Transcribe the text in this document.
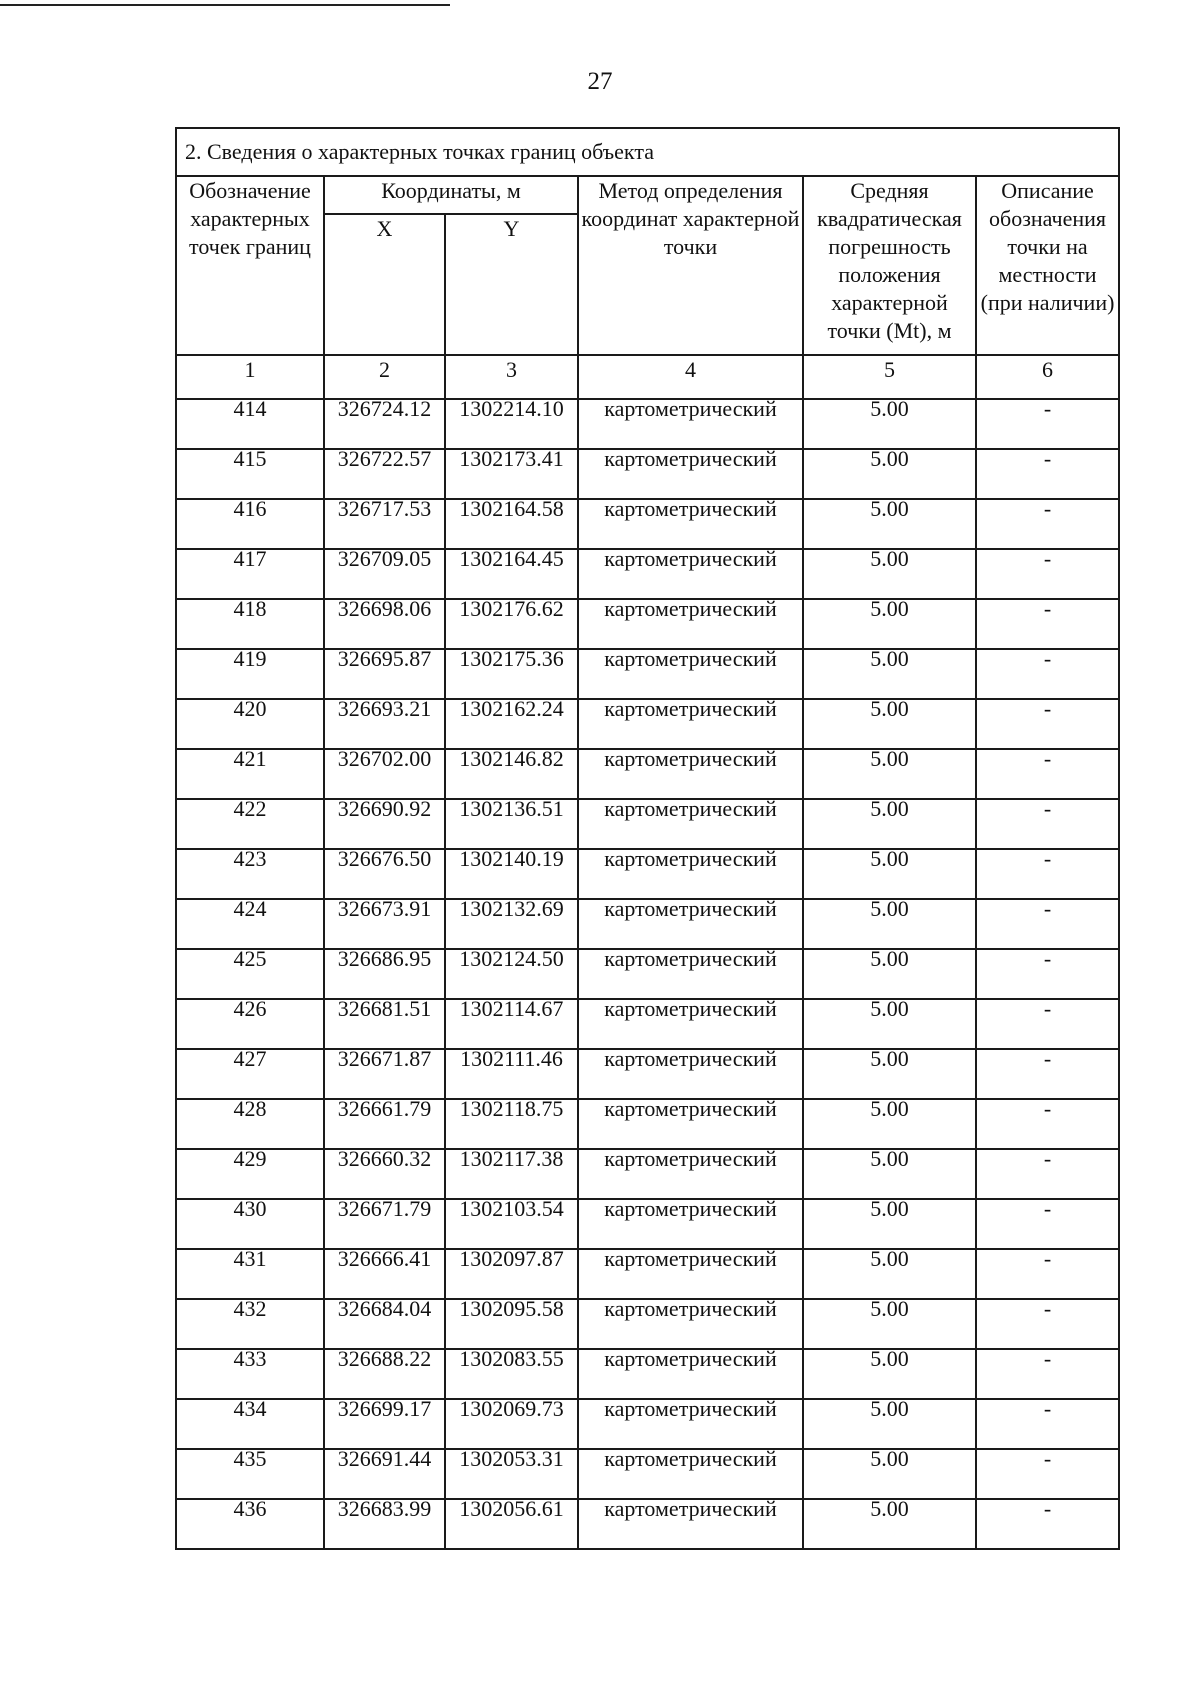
27
2. Сведения о характерных точках границ объекта					
Обозначение характерных точек границ	Координаты, м		Метод определения координат характерной точки	Средняя квадратическая погрешность положения характерной точки (Mt), м	Описание обозначения точки на местности (при наличии)
	X	Y			
1	2	3	4	5	6
414	326724.12	1302214.10	картометрический	5.00	-
415	326722.57	1302173.41	картометрический	5.00	-
416	326717.53	1302164.58	картометрический	5.00	-
417	326709.05	1302164.45	картометрический	5.00	-
418	326698.06	1302176.62	картометрический	5.00	-
419	326695.87	1302175.36	картометрический	5.00	-
420	326693.21	1302162.24	картометрический	5.00	-
421	326702.00	1302146.82	картометрический	5.00	-
422	326690.92	1302136.51	картометрический	5.00	-
423	326676.50	1302140.19	картометрический	5.00	-
424	326673.91	1302132.69	картометрический	5.00	-
425	326686.95	1302124.50	картометрический	5.00	-
426	326681.51	1302114.67	картометрический	5.00	-
427	326671.87	1302111.46	картометрический	5.00	-
428	326661.79	1302118.75	картометрический	5.00	-
429	326660.32	1302117.38	картометрический	5.00	-
430	326671.79	1302103.54	картометрический	5.00	-
431	326666.41	1302097.87	картометрический	5.00	-
432	326684.04	1302095.58	картометрический	5.00	-
433	326688.22	1302083.55	картометрический	5.00	-
434	326699.17	1302069.73	картометрический	5.00	-
435	326691.44	1302053.31	картометрический	5.00	-
436	326683.99	1302056.61	картометрический	5.00	-
